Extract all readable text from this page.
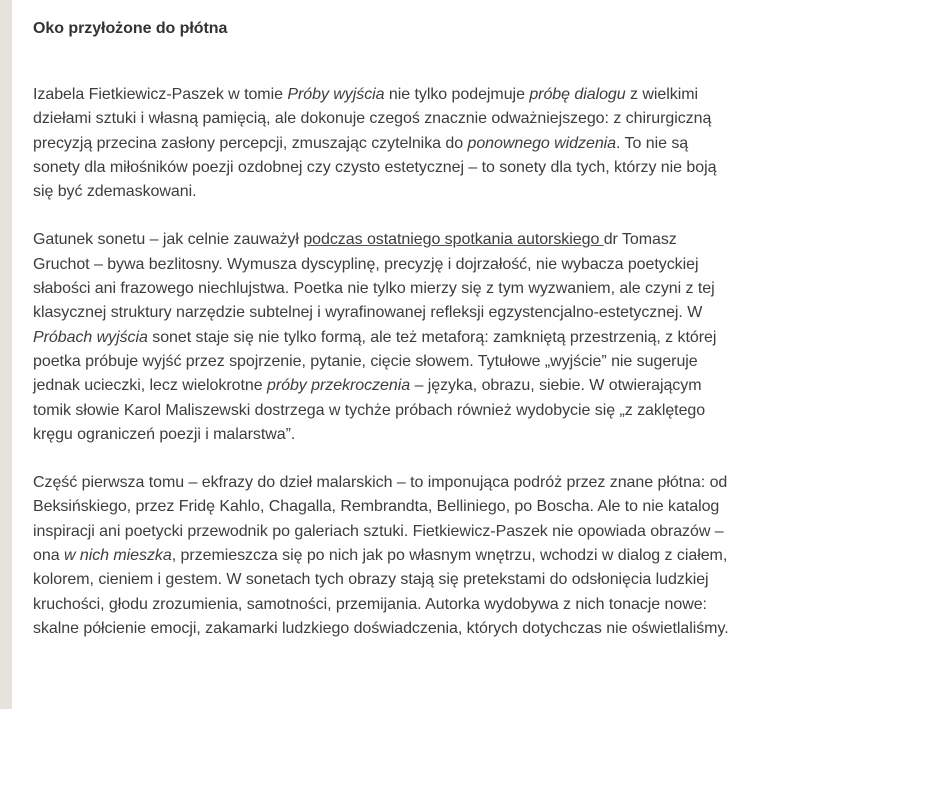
Oko przyłożone do płótna

Izabela Fietkiewicz-Paszek w tomie Próby wyjścia nie tylko podejmuje próbę dialogu z wielkimi dziełami sztuki i własną pamięcią, ale dokonuje czegoś znacznie odważniejszego: z chirurgiczną precyzją przecina zasłony percepcji, zmuszając czytelnika do ponownego widzenia. To nie są sonety dla miłośników poezji ozdobnej czy czysto estetycznej – to sonety dla tych, którzy nie boją się być zdemaskowani.

Gatunek sonetu – jak celnie zauważył podczas ostatniego spotkania autorskiego dr Tomasz Gruchot – bywa bezlitosny. Wymusza dyscyplinę, precyzję i dojrzałość, nie wybacza poetyckiej słabości ani frazowego niechlujstwa. Poetka nie tylko mierzy się z tym wyzwaniem, ale czyni z tej klasycznej struktury narzędzie subtelnej i wyrafinowanej refleksji egzystencjalno-estetycznej. W Próbach wyjścia sonet staje się nie tylko formą, ale też metaforą: zamkniętą przestrzenią, z której poetka próbuje wyjść przez spojrzenie, pytanie, cięcie słowem. Tytułowe „wyjście” nie sugeruje jednak ucieczki, lecz wielokrotne próby przekroczenia – języka, obrazu, siebie. W otwierającym tomik słowie Karol Maliszewski dostrzega w tychże próbach również wydobycie się „z zaklętego kręgu ograniczeń poezji i malarstwa”.

Część pierwsza tomu – ekfrazy do dzieł malarskich – to imponująca podróż przez znane płótna: od Beksińskiego, przez Fridę Kahlo, Chagalla, Rembrandta, Belliniego, po Boscha. Ale to nie katalog inspiracji ani poetycki przewodnik po galeriach sztuki. Fietkiewicz-Paszek nie opowiada obrazów – ona w nich mieszka, przemieszcza się po nich jak po własnym wnętrzu, wchodzi w dialog z ciałem, kolorem, cieniem i gestem. W sonetach tych obrazy stają się pretekstami do odsłonięcia ludzkiej kruchości, głodu zrozumienia, samotności, przemijania. Autorka wydobywa z nich tonacje nowe: skalne półcienie emocji, zakamarki ludzkiego doświadczenia, których dotychczas nie oświetlaliśmy.
